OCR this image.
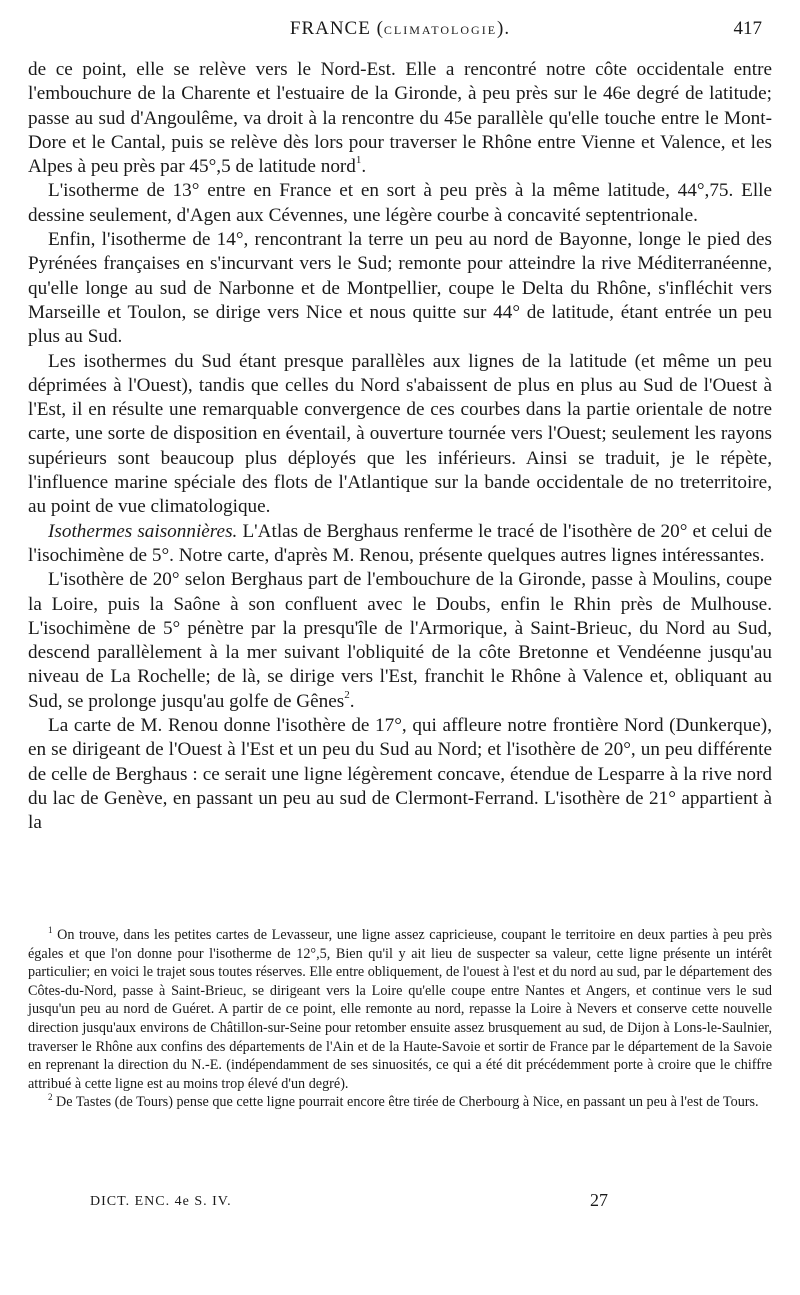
FRANCE (CLIMATOLOGIE).	417

de ce point, elle se relève vers le Nord-Est. Elle a rencontré notre côte occidentale entre l'embouchure de la Charente et l'estuaire de la Gironde, à peu près sur le 46e degré de latitude; passe au sud d'Angoulême, va droit à la rencontre du 45e parallèle qu'elle touche entre le Mont-Dore et le Cantal, puis se relève dès lors pour traverser le Rhône entre Vienne et Valence, et les Alpes à peu près par 45°,5 de latitude nord$^1$.

L'isotherme de 13° entre en France et en sort à peu près à la même latitude, 44°,75. Elle dessine seulement, d'Agen aux Cévennes, une légère courbe à concavité septentrionale.

Enfin, l'isotherme de 14°, rencontrant la terre un peu au nord de Bayonne, longe le pied des Pyrénées françaises en s'incurvant vers le Sud; remonte pour atteindre la rive Méditerranéenne, qu'elle longe au sud de Narbonne et de Montpellier, coupe le Delta du Rhône, s'infléchit vers Marseille et Toulon, se dirige vers Nice et nous quitte sur 44° de latitude, étant entrée un peu plus au Sud.

Les isothermes du Sud étant presque parallèles aux lignes de la latitude (et même un peu déprimées à l'Ouest), tandis que celles du Nord s'abaissent de plus en plus au Sud de l'Ouest à l'Est, il en résulte une remarquable convergence de ces courbes dans la partie orientale de notre carte, une sorte de disposition en éventail, à ouverture tournée vers l'Ouest; seulement les rayons supérieurs sont beaucoup plus déployés que les inférieurs. Ainsi se traduit, je le répète, l'influence marine spéciale des flots de l'Atlantique sur la bande occidentale de no treterritoire, au point de vue climatologique.

Isothermes saisonnières. L'Atlas de Berghaus renferme le tracé de l'isothère de 20° et celui de l'isochimène de 5°. Notre carte, d'après M. Renou, présente quelques autres lignes intéressantes.

L'isothère de 20° selon Berghaus part de l'embouchure de la Gironde, passe à Moulins, coupe la Loire, puis la Saône à son confluent avec le Doubs, enfin le Rhin près de Mulhouse. L'isochimène de 5° pénètre par la presqu'île de l'Armorique, à Saint-Brieuc, du Nord au Sud, descend parallèlement à la mer suivant l'obliquité de la côte Bretonne et Vendéenne jusqu'au niveau de La Rochelle; de là, se dirige vers l'Est, franchit le Rhône à Valence et, obliquant au Sud, se prolonge jusqu'au golfe de Gênes$^2$.

La carte de M. Renou donne l'isothère de 17°, qui affleure notre frontière Nord (Dunkerque), en se dirigeant de l'Ouest à l'Est et un peu du Sud au Nord; et l'isothère de 20°, un peu différente de celle de Berghaus : ce serait une ligne légèrement concave, étendue de Lesparre à la rive nord du lac de Genève, en passant un peu au sud de Clermont-Ferrand. L'isothère de 21° appartient à la

$^1$ On trouve, dans les petites cartes de Levasseur, une ligne assez capricieuse, coupant le territoire en deux parties à peu près égales et que l'on donne pour l'isotherme de 12°,5, Bien qu'il y ait lieu de suspecter sa valeur, cette ligne présente un intérêt particulier; en voici le trajet sous toutes réserves. Elle entre obliquement, de l'ouest à l'est et du nord au sud, par le département des Côtes-du-Nord, passe à Saint-Brieuc, se dirigeant vers la Loire qu'elle coupe entre Nantes et Angers, et continue vers le sud jusqu'un peu au nord de Guéret. A partir de ce point, elle remonte au nord, repasse la Loire à Nevers et conserve cette nouvelle direction jusqu'aux environs de Châtillon-sur-Seine pour retomber ensuite assez brusquement au sud, de Dijon à Lons-le-Saulnier, traverser le Rhône aux confins des départements de l'Ain et de la Haute-Savoie et sortir de France par le département de la Savoie en reprenant la direction du N.-E. (indépendamment de ses sinuosités, ce qui a été dit précédemment porte à croire que le chiffre attribué à cette ligne est au moins trop élevé d'un degré).

$^2$ De Tastes (de Tours) pense que cette ligne pourrait encore être tirée de Cherbourg à Nice, en passant un peu à l'est de Tours.

DICT. ENC. 4e S. IV.	27
